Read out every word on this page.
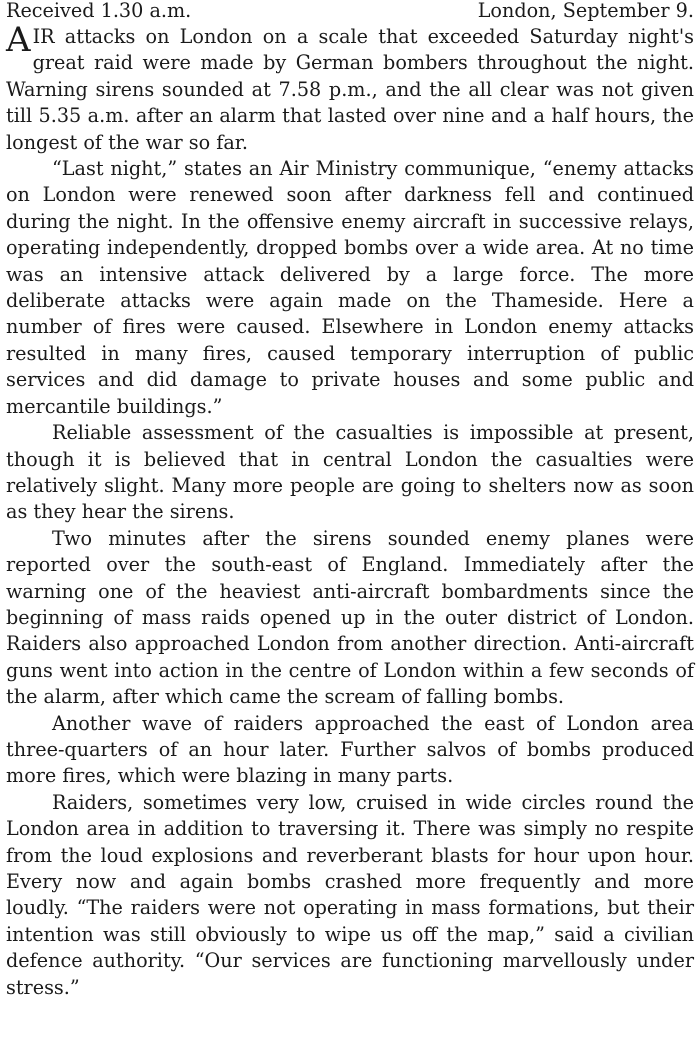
Received 1.30 a.m.	London, September 9.

AIR attacks on London on a scale that exceeded Saturday night's great raid were made by German bombers throughout the night. Warning sirens sounded at 7.58 p.m., and the all clear was not given till 5.35 a.m. after an alarm that lasted over nine and a half hours, the longest of the war so far.

“Last night,” states an Air Ministry communique, “enemy attacks on London were renewed soon after darkness fell and continued during the night. In the offensive enemy aircraft in successive relays, operating independently, dropped bombs over a wide area. At no time was an intensive attack delivered by a large force. The more deliberate attacks were again made on the Thameside. Here a number of fires were caused. Elsewhere in London enemy attacks resulted in many fires, caused temporary interruption of public services and did damage to private houses and some public and mercantile buildings.”

Reliable assessment of the casualties is impossible at present, though it is believed that in central London the casualties were relatively slight. Many more people are going to shelters now as soon as they hear the sirens.

Two minutes after the sirens sounded enemy planes were reported over the south-east of England. Immediately after the warning one of the heaviest anti-aircraft bombardments since the beginning of mass raids opened up in the outer district of London. Raiders also approached London from another direction. Anti-aircraft guns went into action in the centre of London within a few seconds of the alarm, after which came the scream of falling bombs.

Another wave of raiders approached the east of London area three-quarters of an hour later. Further salvos of bombs produced more fires, which were blazing in many parts.

Raiders, sometimes very low, cruised in wide circles round the London area in addition to traversing it. There was simply no respite from the loud explosions and reverberant blasts for hour upon hour. Every now and again bombs crashed more frequently and more loudly. “The raiders were not operating in mass formations, but their intention was still obviously to wipe us off the map,” said a civilian defence authority. “Our services are functioning marvellously under stress.”
